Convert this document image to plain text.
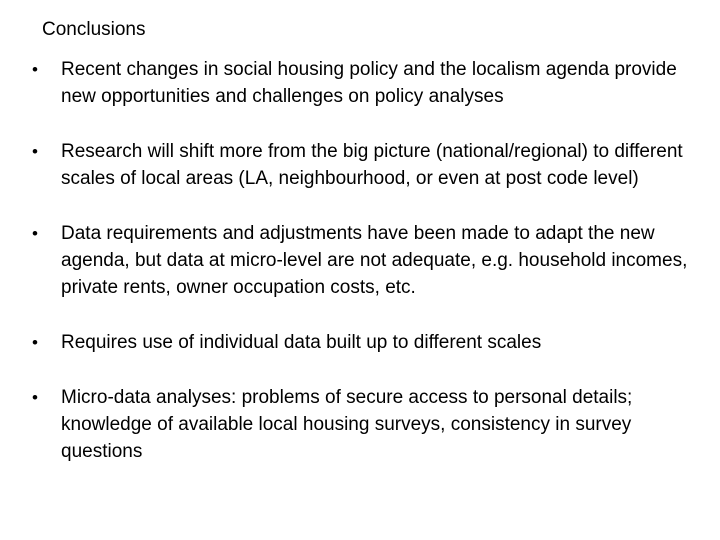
Conclusions
• Recent changes in social housing policy and the localism agenda provide new opportunities and challenges on policy analyses
• Research will shift more from the big picture (national/regional) to different scales of local areas (LA, neighbourhood, or even at post code level)
• Data requirements and adjustments have been made to adapt the new agenda, but data at micro-level are not adequate, e.g. household incomes, private rents, owner occupation costs, etc.
• Requires use of individual data built up to different scales
• Micro-data analyses: problems of secure access to personal details; knowledge of available local housing surveys, consistency in survey questions
